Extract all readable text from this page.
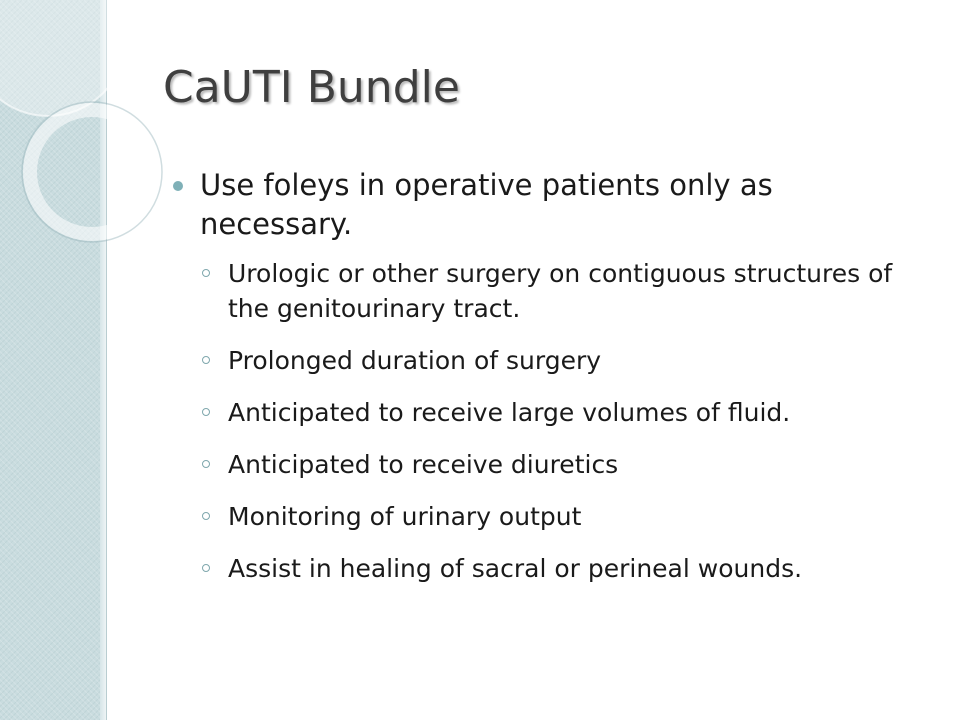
CaUTI Bundle
Use foleys in operative patients only as necessary.
Urologic or other surgery on contiguous structures of the genitourinary tract.
Prolonged duration of surgery
Anticipated to receive large volumes of fluid.
Anticipated to receive diuretics
Monitoring of urinary output
Assist in healing of sacral or perineal wounds.
